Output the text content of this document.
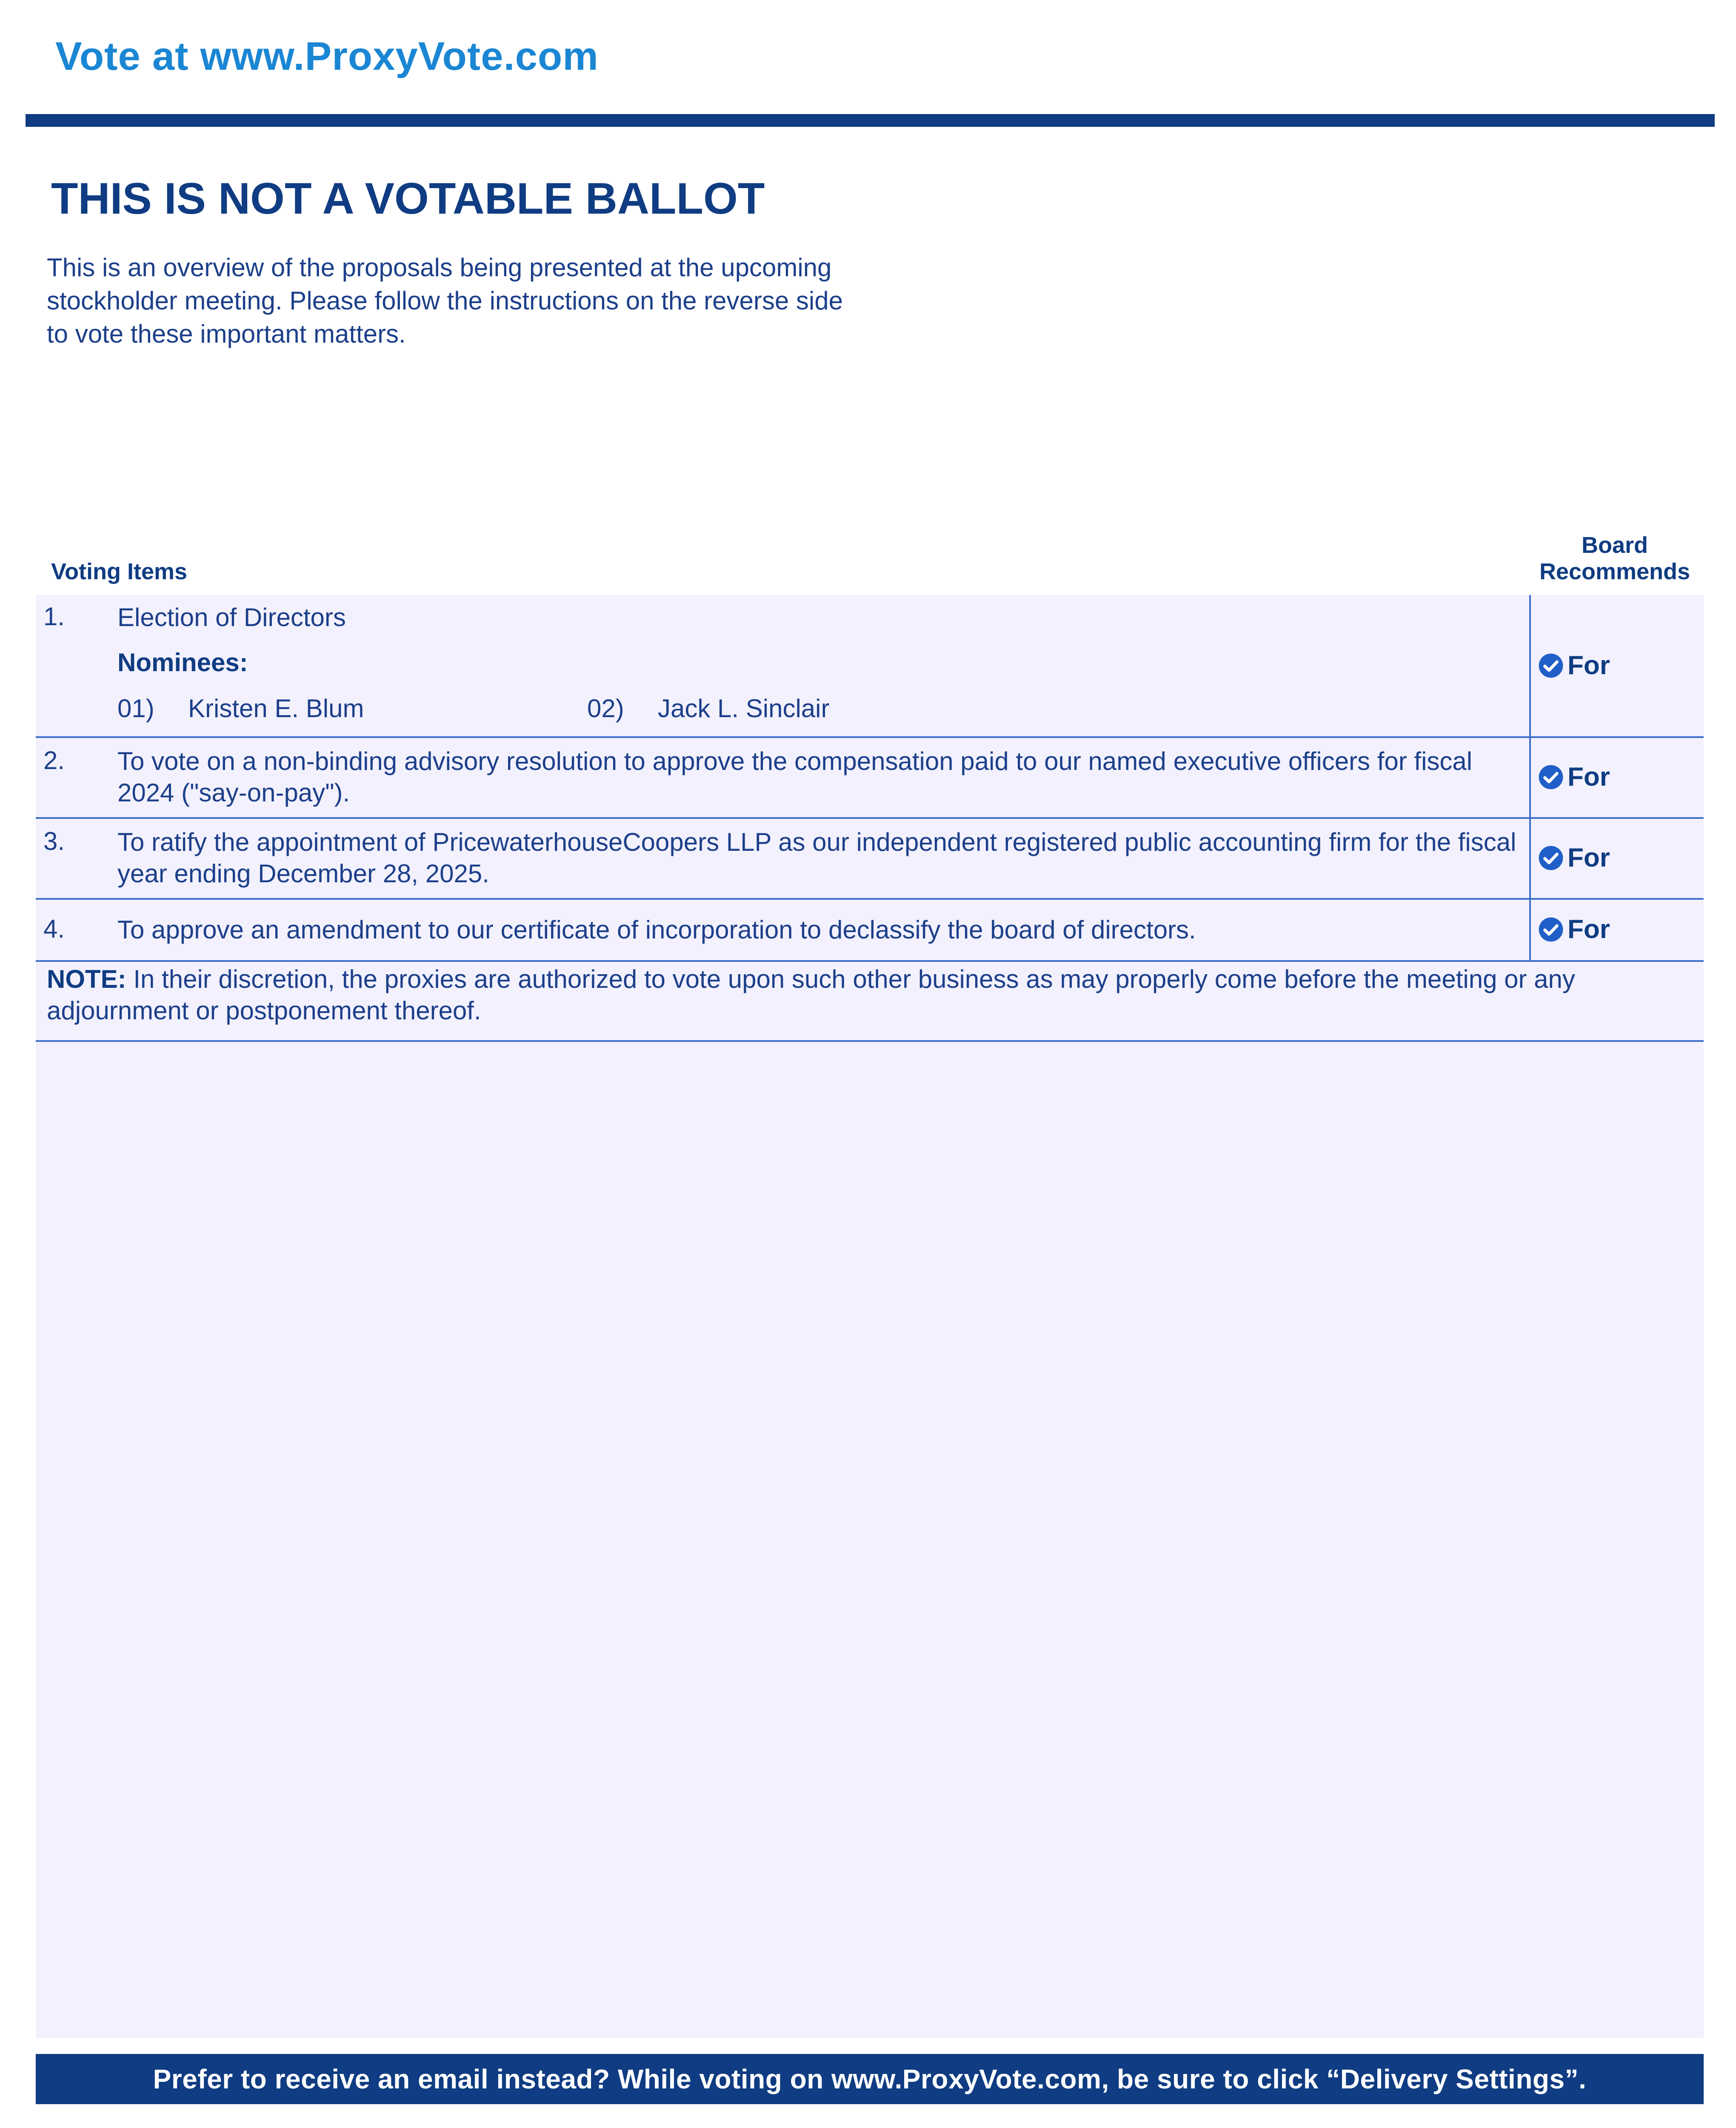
Vote at www.ProxyVote.com
THIS IS NOT A VOTABLE BALLOT
This is an overview of the proposals being presented at the upcoming stockholder meeting. Please follow the instructions on the reverse side to vote these important matters.
Voting Items
Board Recommends
1. Election of Directors
Nominees:
01) Kristen E. Blum	02) Jack L. Sinclair
For
2. To vote on a non-binding advisory resolution to approve the compensation paid to our named executive officers for fiscal 2024 ("say-on-pay").
For
3. To ratify the appointment of PricewaterhouseCoopers LLP as our independent registered public accounting firm for the fiscal year ending December 28, 2025.
For
4. To approve an amendment to our certificate of incorporation to declassify the board of directors.	For
NOTE: In their discretion, the proxies are authorized to vote upon such other business as may properly come before the meeting or any adjournment or postponement thereof.
Prefer to receive an email instead? While voting on www.ProxyVote.com, be sure to click “Delivery Settings”.
